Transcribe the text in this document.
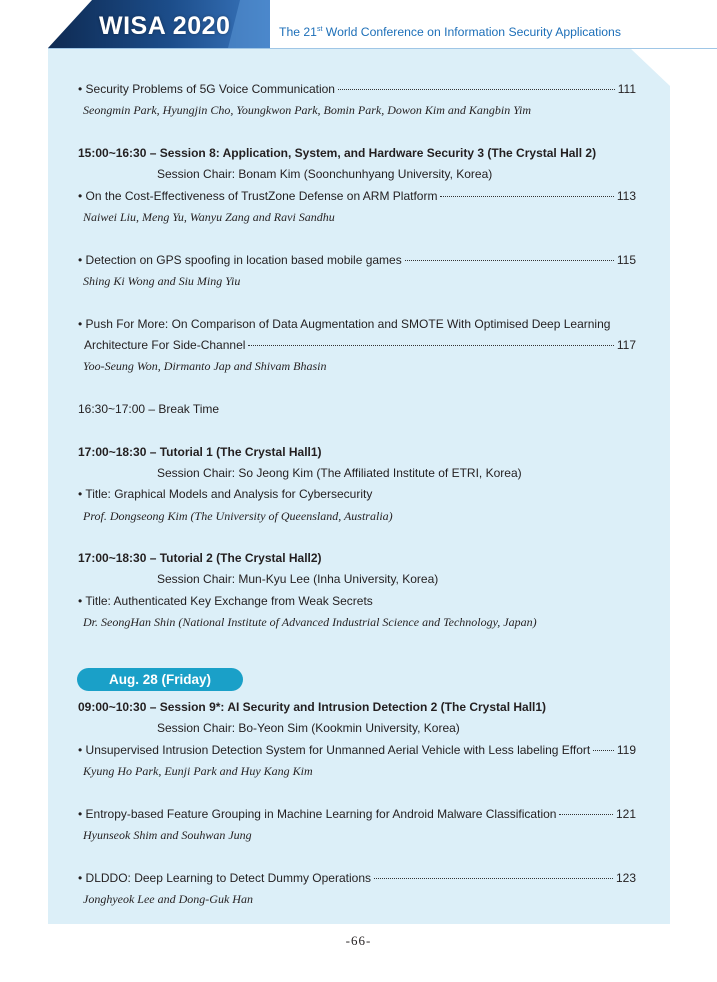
WISA 2020	The 21st World Conference on Information Security Applications
• Security Problems of 5G Voice Communication	111
Seongmin Park, Hyungjin Cho, Youngkwon Park, Bomin Park, Dowon Kim and Kangbin Yim
15:00~16:30 – Session 8: Application, System, and Hardware Security 3 (The Crystal Hall 2)
Session Chair: Bonam Kim (Soonchunhyang University, Korea)
• On the Cost-Effectiveness of TrustZone Defense on ARM Platform	113
Naiwei Liu, Meng Yu, Wanyu Zang and Ravi Sandhu
• Detection on GPS spoofing in location based mobile games	115
Shing Ki Wong and Siu Ming Yiu
• Push For More: On Comparison of Data Augmentation and SMOTE With Optimised Deep Learning
Architecture For Side-Channel	117
Yoo-Seung Won, Dirmanto Jap and Shivam Bhasin
16:30~17:00 – Break Time
17:00~18:30 – Tutorial 1 (The Crystal Hall1)
Session Chair: So Jeong Kim (The Affiliated Institute of ETRI, Korea)
• Title: Graphical Models and Analysis for Cybersecurity
Prof. Dongseong Kim (The University of Queensland, Australia)
17:00~18:30 – Tutorial 2 (The Crystal Hall2)
Session Chair: Mun-Kyu Lee (Inha University, Korea)
• Title: Authenticated Key Exchange from Weak Secrets
Dr. SeongHan Shin (National Institute of Advanced Industrial Science and Technology, Japan)
Aug. 28 (Friday)
09:00~10:30 – Session 9*: AI Security and Intrusion Detection 2 (The Crystal Hall1)
Session Chair: Bo-Yeon Sim (Kookmin University, Korea)
• Unsupervised Intrusion Detection System for Unmanned Aerial Vehicle with Less labeling Effort 119
Kyung Ho Park, Eunji Park and Huy Kang Kim
• Entropy-based Feature Grouping in Machine Learning for Android Malware Classification	121
Hyunseok Shim and Souhwan Jung
• DLDDO: Deep Learning to Detect Dummy Operations	123
Jonghyeok Lee and Dong-Guk Han
-66-
